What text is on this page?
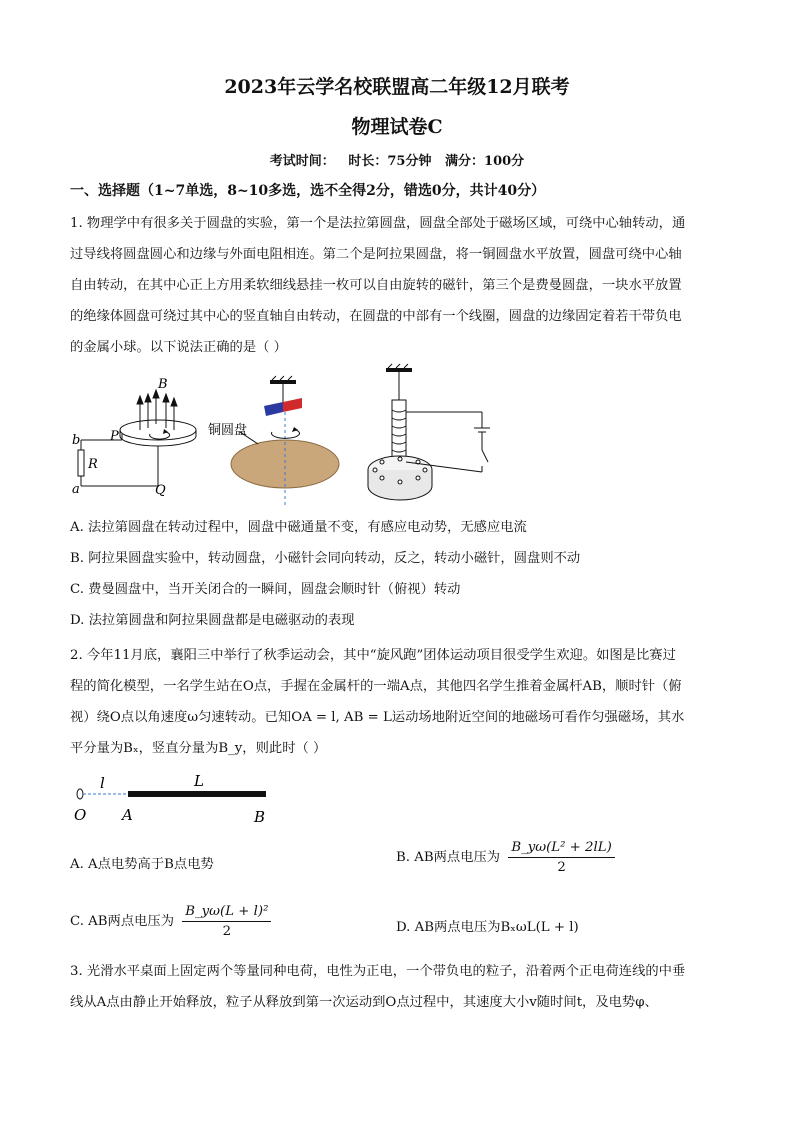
2023年云学名校联盟高二年级12月联考
物理试卷C
考试时间：   时长：75分钟   满分：100分
一、选择题（1~7单选，8~10多选，选不全得2分，错选0分，共计40分）
1. 物理学中有很多关于圆盘的实验，第一个是法拉第圆盘，圆盘全部处于磁场区域，可绕中心轴转动，通
过导线将圆盘圆心和边缘与外面电阻相连。第二个是阿拉果圆盘，将一铜圆盘水平放置，圆盘可绕中心轴
自由转动，在其中心正上方用柔软细线悬挂一枚可以自由旋转的磁针，第三个是费曼圆盘，一块水平放置
的绝缘体圆盘可绕过其中心的竖直轴自由转动，在圆盘的中部有一个线圈，圆盘的边缘固定着若干带负电
的金属小球。以下说法正确的是（ ）
b
R
a
P
B
Q
铜圆盘
A. 法拉第圆盘在转动过程中，圆盘中磁通量不变，有感应电动势，无感应电流
B. 阿拉果圆盘实验中，转动圆盘，小磁针会同向转动，反之，转动小磁针，圆盘则不动
C. 费曼圆盘中，当开关闭合的一瞬间，圆盘会顺时针（俯视）转动
D. 法拉第圆盘和阿拉果圆盘都是电磁驱动的表现
2. 今年11月底，襄阳三中举行了秋季运动会，其中“旋风跑”团体运动项目很受学生欢迎。如图是比赛过
程的简化模型，一名学生站在O点，手握在金属杆的一端A点，其他四名学生推着金属杆AB，顺时针（俯
视）绕O点以角速度ω匀速转动。已知OA = l, AB = L运动场地附近空间的地磁场可看作匀强磁场，其水
平分量为Bₓ，竖直分量为B_y，则此时（ ）
l	L
O A	B
A. A点电势高于B点电势	B. AB两点电压为 $\frac{\text{B\_yω(L² + 2lL)}}{2}$
C. AB两点电压为 $\frac{\text{B\_yω(L + l)²}}{2}$	D. AB两点电压为BₓωL(L + l)
3. 光滑水平桌面上固定两个等量同种电荷，电性为正电，一个带负电的粒子，沿着两个正电荷连线的中垂
线从A点由静止开始释放，粒子从释放到第一次运动到O点过程中，其速度大小v随时间t，及电势φ、
